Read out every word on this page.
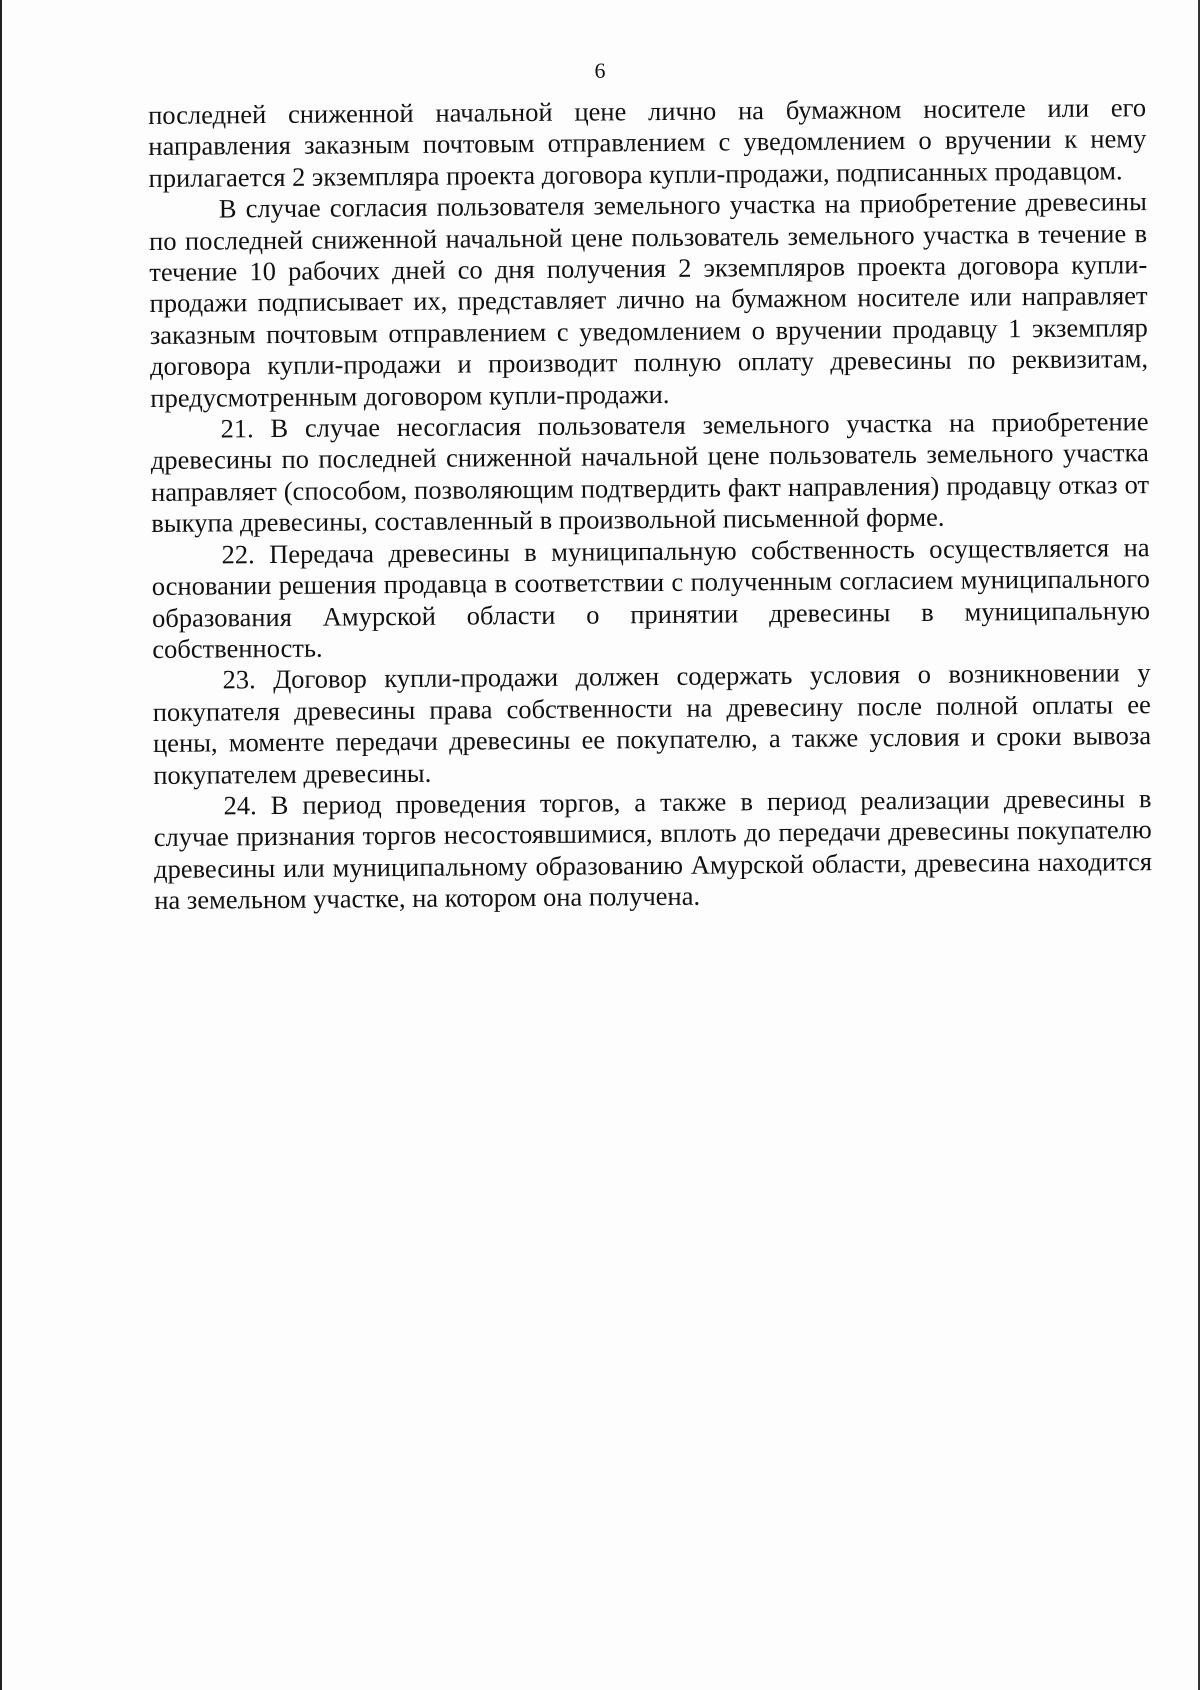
6

последней сниженной начальной цене лично на бумажном носителе или его направления заказным почтовым отправлением с уведомлением о вручении к нему прилагается 2 экземпляра проекта договора купли-продажи, подписанных продавцом.

В случае согласия пользователя земельного участка на приобретение древесины по последней сниженной начальной цене пользователь земельного участка в течение в течение 10 рабочих дней со дня получения 2 экземпляров проекта договора купли-продажи подписывает их, представляет лично на бумажном носителе или направляет заказным почтовым отправлением с уведомлением о вручении продавцу 1 экземпляр договора купли-продажи и производит полную оплату древесины по реквизитам, предусмотренным договором купли-продажи.

21. В случае несогласия пользователя земельного участка на приобретение древесины по последней сниженной начальной цене пользователь земельного участка направляет (способом, позволяющим подтвердить факт направления) продавцу отказ от выкупа древесины, составленный в произвольной письменной форме.

22. Передача древесины в муниципальную собственность осуществляется на основании решения продавца в соответствии с полученным согласием муниципального образования Амурской области о принятии древесины в муниципальную собственность.

23. Договор купли-продажи должен содержать условия о возникновении у покупателя древесины права собственности на древесину после полной оплаты ее цены, моменте передачи древесины ее покупателю, а также условия и сроки вывоза покупателем древесины.

24. В период проведения торгов, а также в период реализации древесины в случае признания торгов несостоявшимися, вплоть до передачи древесины покупателю древесины или муниципальному образованию Амурской области, древесина находится на земельном участке, на котором она получена.
